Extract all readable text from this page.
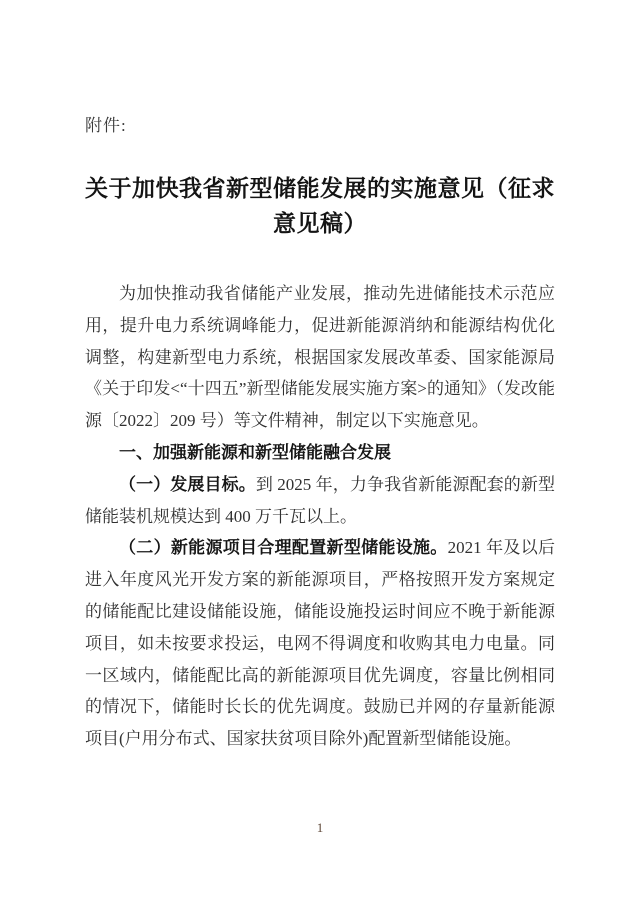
附件:
关于加快我省新型储能发展的实施意见（征求
意见稿）

为加快推动我省储能产业发展，推动先进储能技术示范应用，提升电力系统调峰能力，促进新能源消纳和能源结构优化调整，构建新型电力系统，根据国家发展改革委、国家能源局《关于印发<“十四五”新型储能发展实施方案>的通知》（发改能源〔2022〕209 号）等文件精神，制定以下实施意见。

一、加强新能源和新型储能融合发展

（一）发展目标。到 2025 年，力争我省新能源配套的新型储能装机规模达到 400 万千瓦以上。

（二）新能源项目合理配置新型储能设施。2021 年及以后进入年度风光开发方案的新能源项目，严格按照开发方案规定的储能配比建设储能设施，储能设施投运时间应不晚于新能源项目，如未按要求投运，电网不得调度和收购其电力电量。同一区域内，储能配比高的新能源项目优先调度，容量比例相同的情况下，储能时长长的优先调度。鼓励已并网的存量新能源项目(户用分布式、国家扶贫项目除外)配置新型储能设施。

1
